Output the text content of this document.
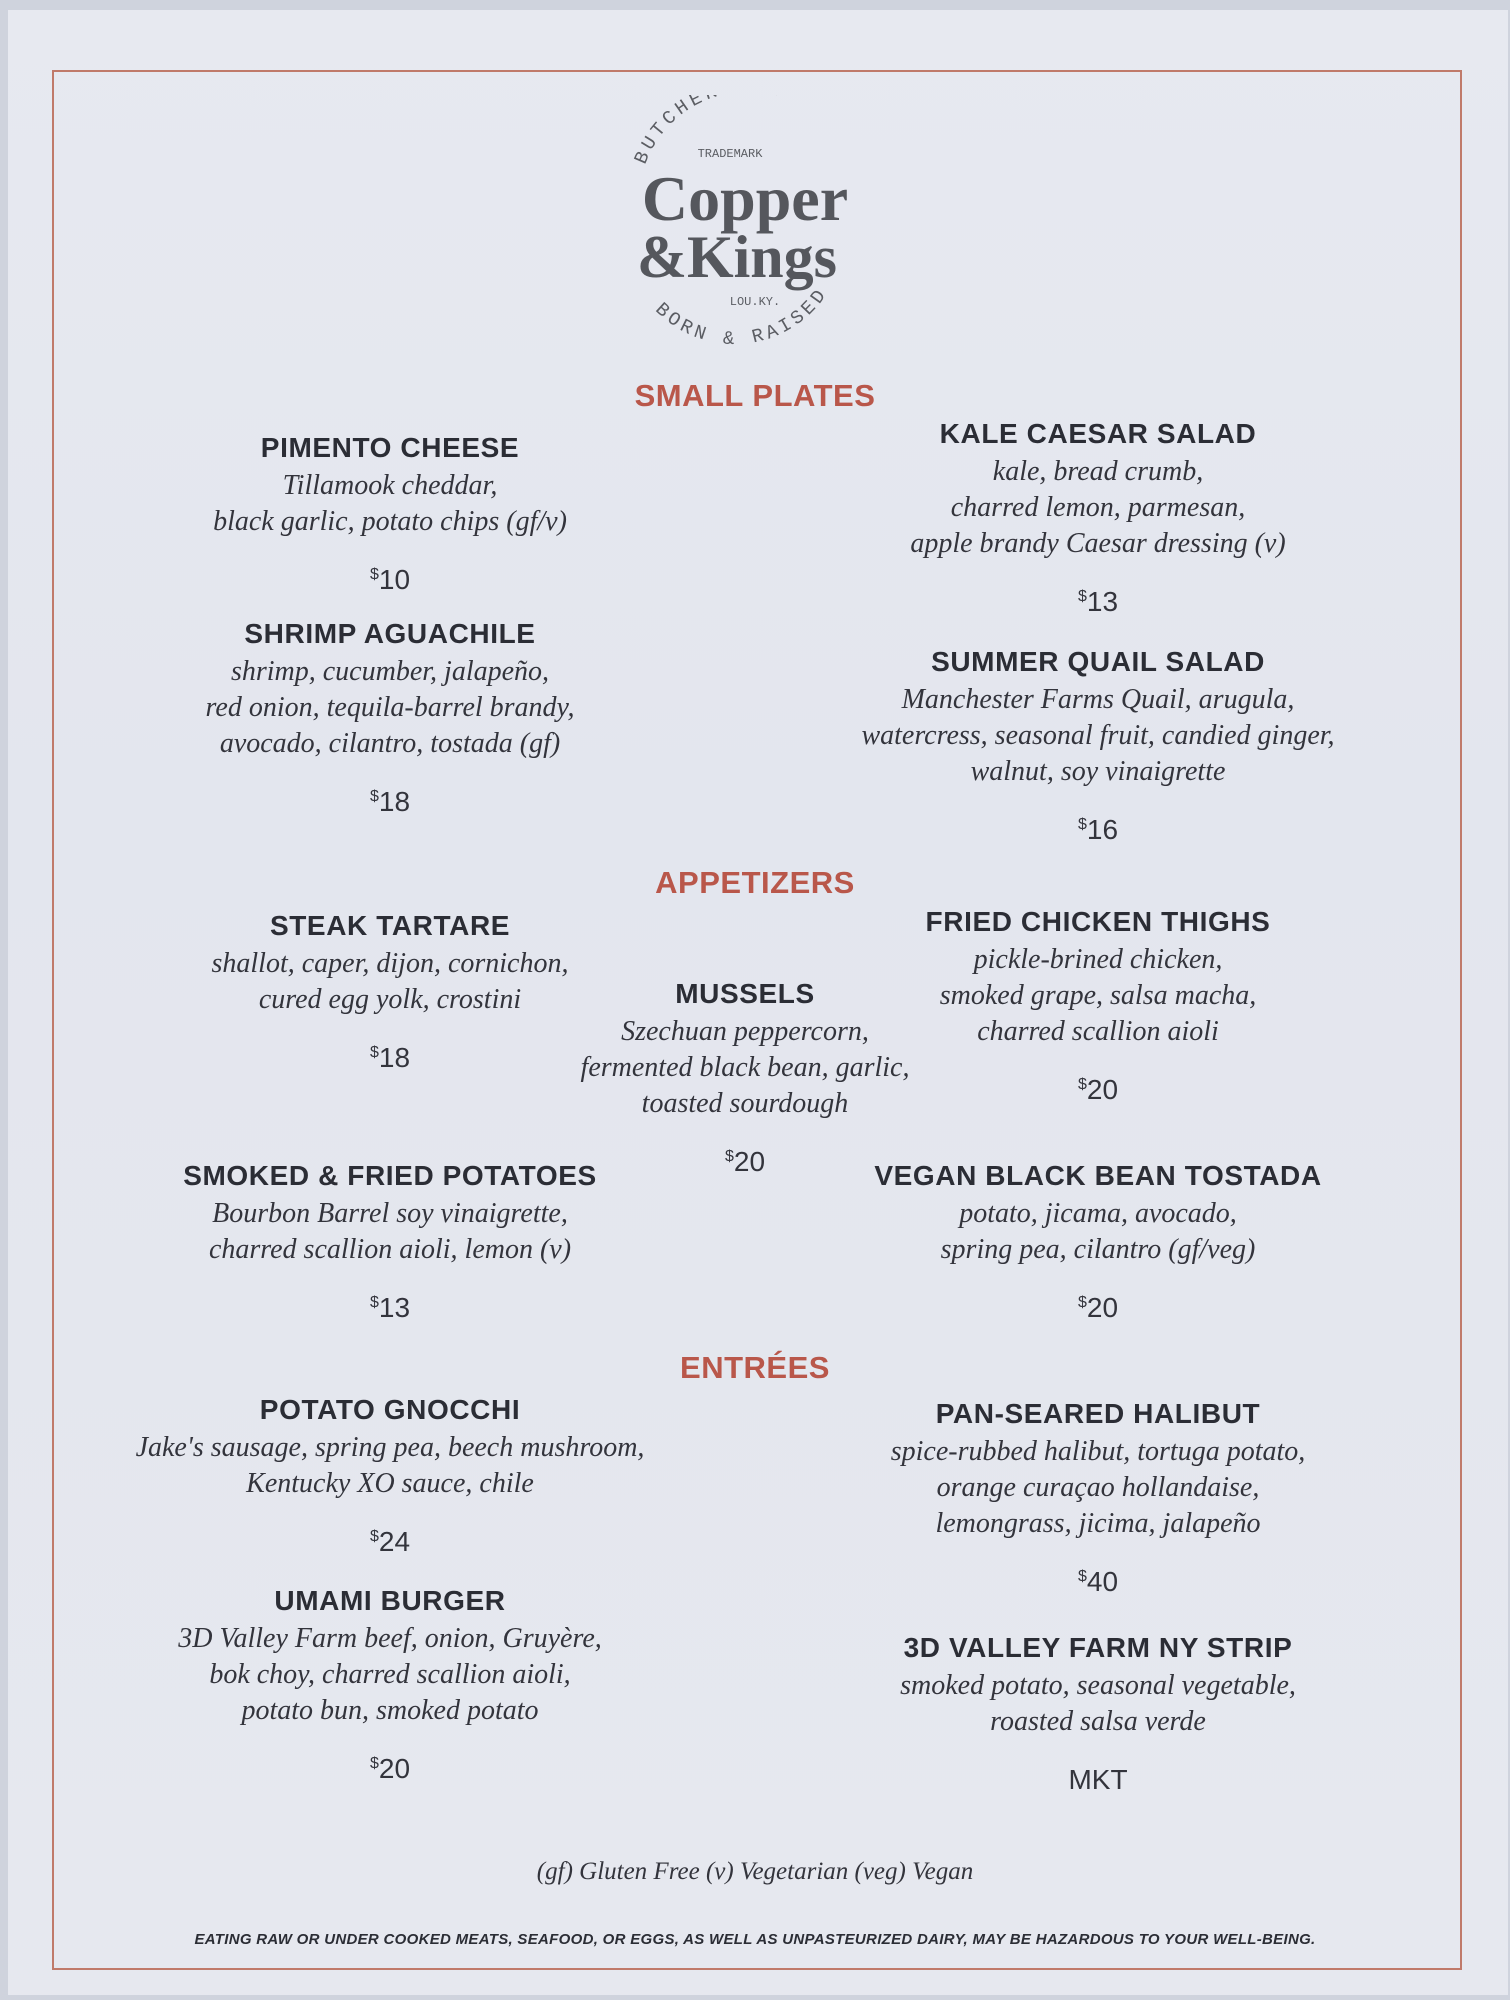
BUTCHE
TRADEMARK
Copper
&Kings
LOU.KY.
BORN & RAISED
SMALL PLATES
APPETIZERS
ENTRÉES
PIMENTO CHEESE
Tillamook cheddar,
black garlic, potato chips (gf/v)
$10
KALE CAESAR SALAD
kale, bread crumb,
charred lemon, parmesan,
apple brandy Caesar dressing (v)
$13
SHRIMP AGUACHILE
shrimp, cucumber, jalapeño,
red onion, tequila-barrel brandy,
avocado, cilantro, tostada (gf)
$18
SUMMER QUAIL SALAD
Manchester Farms Quail, arugula,
watercress, seasonal fruit, candied ginger,
walnut, soy vinaigrette
$16
STEAK TARTARE
shallot, caper, dijon, cornichon,
cured egg yolk, crostini
$18
MUSSELS
Szechuan peppercorn,
fermented black bean, garlic,
toasted sourdough
$20
FRIED CHICKEN THIGHS
pickle-brined chicken,
smoked grape, salsa macha,
charred scallion aioli
$20
SMOKED & FRIED POTATOES
Bourbon Barrel soy vinaigrette,
charred scallion aioli, lemon (v)
$13
VEGAN BLACK BEAN TOSTADA
potato, jicama, avocado,
spring pea, cilantro (gf/veg)
$20
POTATO GNOCCHI
Jake's sausage, spring pea, beech mushroom,
Kentucky XO sauce, chile
$24
PAN-SEARED HALIBUT
spice-rubbed halibut, tortuga potato,
orange curaçao hollandaise,
lemongrass, jicima, jalapeño
$40
UMAMI BURGER
3D Valley Farm beef, onion, Gruyère,
bok choy, charred scallion aioli,
potato bun, smoked potato
$20
3D VALLEY FARM NY STRIP
smoked potato, seasonal vegetable,
roasted salsa verde
MKT
(gf) Gluten Free (v) Vegetarian (veg) Vegan
EATING RAW OR UNDER COOKED MEATS, SEAFOOD, OR EGGS, AS WELL AS UNPASTEURIZED DAIRY, MAY BE HAZARDOUS TO YOUR WELL-BEING.
